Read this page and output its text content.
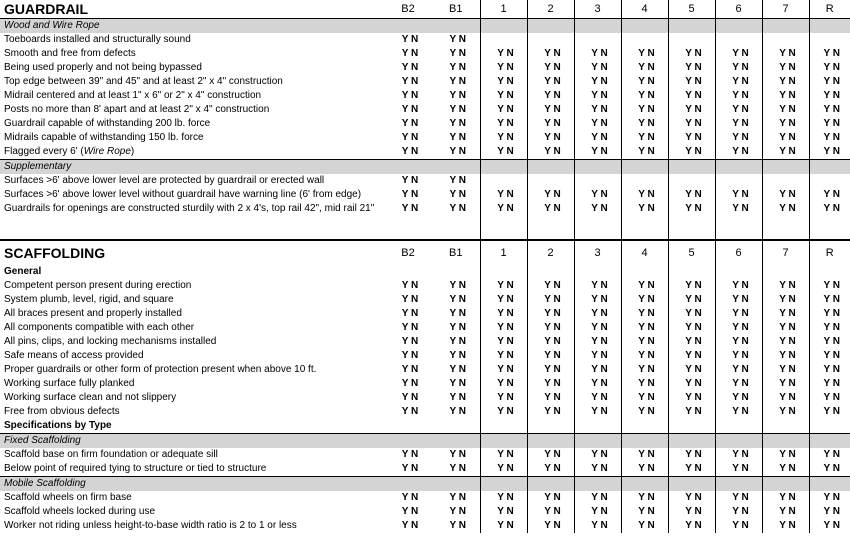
GUARDRAIL	B2	B1	1	2	3	4	5	6	7	R
Wood and Wire Rope										
Toeboards installed and structurally sound	Y N	Y N								
Smooth and free from defects	Y N	Y N	Y N	Y N	Y N	Y N	Y N	Y N	Y N	Y N
Being used properly and not being bypassed	Y N	Y N	Y N	Y N	Y N	Y N	Y N	Y N	Y N	Y N
Top edge between 39" and 45" and at least 2" x 4" construction	Y N	Y N	Y N	Y N	Y N	Y N	Y N	Y N	Y N	Y N
Midrail centered and at least 1" x 6" or 2" x 4" construction	Y N	Y N	Y N	Y N	Y N	Y N	Y N	Y N	Y N	Y N
Posts no more than 8' apart and at least 2" x 4" construction	Y N	Y N	Y N	Y N	Y N	Y N	Y N	Y N	Y N	Y N
Guardrail capable of withstanding 200 lb. force	Y N	Y N	Y N	Y N	Y N	Y N	Y N	Y N	Y N	Y N
Midrails capable of withstanding 150 lb. force	Y N	Y N	Y N	Y N	Y N	Y N	Y N	Y N	Y N	Y N
Flagged every 6' (Wire Rope)	Y N	Y N	Y N	Y N	Y N	Y N	Y N	Y N	Y N	Y N
Supplementary										
Surfaces >6' above lower level are protected by guardrail or erected wall	Y N	Y N								
Surfaces >6' above lower level without guardrail have warning line (6' from edge)	Y N	Y N	Y N	Y N	Y N	Y N	Y N	Y N	Y N	Y N
Guardrails for openings are constructed sturdily with 2 x 4's, top rail 42", mid rail 21"	Y N	Y N	Y N	Y N	Y N	Y N	Y N	Y N	Y N	Y N

SCAFFOLDING	B2	B1	1	2	3	4	5	6	7	R
General										
Competent person present during erection	Y N	Y N	Y N	Y N	Y N	Y N	Y N	Y N	Y N	Y N
System plumb, level, rigid, and square	Y N	Y N	Y N	Y N	Y N	Y N	Y N	Y N	Y N	Y N
All braces present and properly installed	Y N	Y N	Y N	Y N	Y N	Y N	Y N	Y N	Y N	Y N
All components compatible with each other	Y N	Y N	Y N	Y N	Y N	Y N	Y N	Y N	Y N	Y N
All pins, clips, and locking mechanisms installed	Y N	Y N	Y N	Y N	Y N	Y N	Y N	Y N	Y N	Y N
Safe means of access provided	Y N	Y N	Y N	Y N	Y N	Y N	Y N	Y N	Y N	Y N
Proper guardrails or other form of protection present when above 10 ft.	Y N	Y N	Y N	Y N	Y N	Y N	Y N	Y N	Y N	Y N
Working surface fully planked	Y N	Y N	Y N	Y N	Y N	Y N	Y N	Y N	Y N	Y N
Working surface clean and not slippery	Y N	Y N	Y N	Y N	Y N	Y N	Y N	Y N	Y N	Y N
Free from obvious defects	Y N	Y N	Y N	Y N	Y N	Y N	Y N	Y N	Y N	Y N
Specifications by Type										
Fixed Scaffolding										
Scaffold base on firm foundation or adequate sill	Y N	Y N	Y N	Y N	Y N	Y N	Y N	Y N	Y N	Y N
Below point of required tying to structure or tied to structure	Y N	Y N	Y N	Y N	Y N	Y N	Y N	Y N	Y N	Y N
Mobile Scaffolding										
Scaffold wheels on firm base	Y N	Y N	Y N	Y N	Y N	Y N	Y N	Y N	Y N	Y N
Scaffold wheels locked during use	Y N	Y N	Y N	Y N	Y N	Y N	Y N	Y N	Y N	Y N
Worker not riding unless height-to-base width ratio is 2 to 1 or less	Y N	Y N	Y N	Y N	Y N	Y N	Y N	Y N	Y N	Y N
